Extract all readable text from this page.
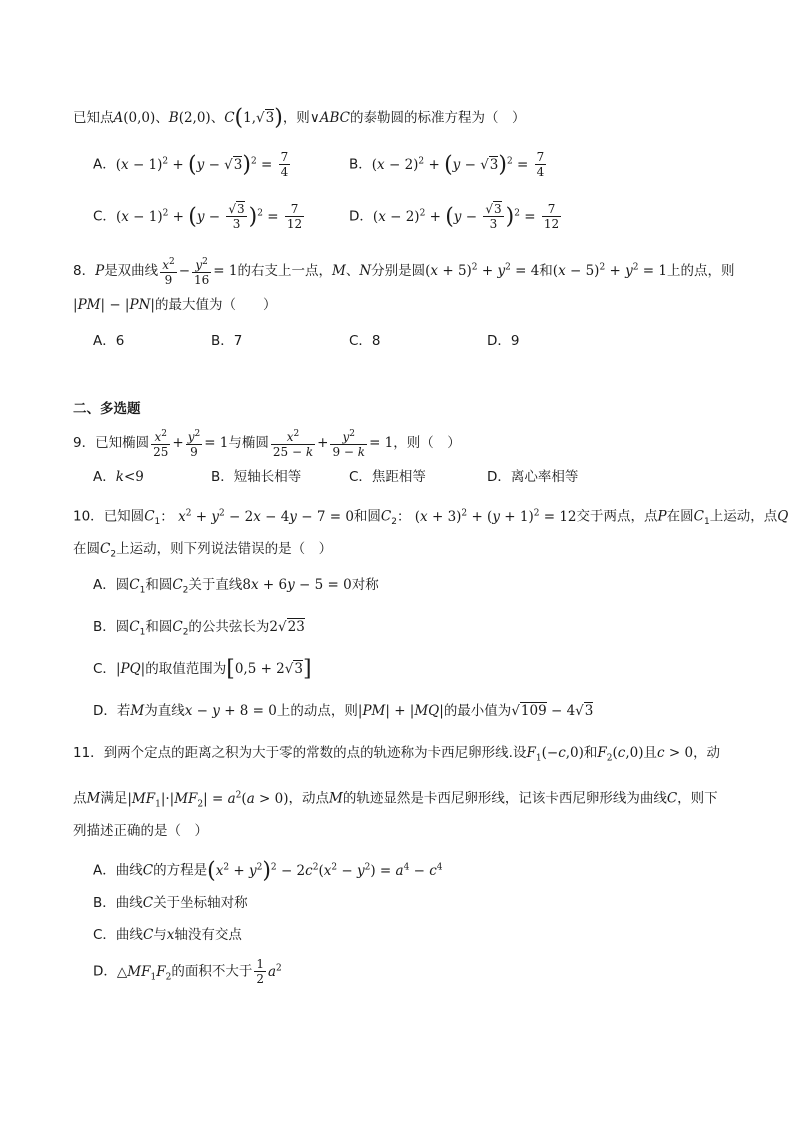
已知点A(0,0)、B(2,0)、C(1,√3)，则∨ABC的泰勒圆的标准方程为（　）
A．$(x - 1)^2 + (y - √3)^2 = \frac{7}{4}$	B．$(x - 2)^2 + (y - √3)^2 = \frac{7}{4}$
C．$(x - 1)^2 + (y - \frac{√3}{3} )^2 = \frac{7}{12}$	D．$(x - 2)^2 + (y - \frac{√3}{3} )^2 = \frac{7}{12}$
8．P是双曲线 $\frac{x^2}{9} - \frac{y^2}{16} = 1$的右支上一点，M、N分别是圆$(x + 5)^2 + y^2 = 4$和$(x - 5)^2 + y^2 = 1$上的点，则
|PM| − |PN|的最大值为（　　）
A．6	B．7	C．8	D．9
二、多选题
9．已知椭圆 $\frac{x^2}{25} + \frac{y^2}{9} = 1$与椭圆 $\frac{x^2}{25 - k} + \frac{y^2}{9 - k} = 1$，则（　）
A．k<9	B．短轴长相等	C．焦距相等	D．离心率相等
10．已知圆$C_1$： $x^2 + y^2 - 2x - 4y - 7 = 0$和圆$C_2$： $(x + 3)^2 + (y + 1)^2 = 12$交于两点，点P在圆$C_1$上运动，点Q
在圆$C_2$上运动，则下列说法错误的是（　）
A．圆$C_1$和圆$C_2$关于直线8x + 6y − 5 = 0对称
B．圆$C_1$和圆$C_2$的公共弦长为2√23
C．|PQ|的取值范围为[0,5 + 2√3]
D．若M为直线x − y + 8 = 0上的动点，则|PM| + |MQ|的最小值为√109 − 4√3
11．到两个定点的距离之积为大于零的常数的点的轨迹称为卡西尼卵形线.设$F_1(-c,0)$和$F_2(c,0)$且c > 0，动
点M满足$|MF_1|\cdot|MF_2| = a^2(a > 0)$，动点M的轨迹显然是卡西尼卵形线，记该卡西尼卵形线为曲线C，则下
列描述正确的是（　）
A．曲线C的方程是$(x^2 + y^2)^2 - 2c^2(x^2 - y^2) = a^4 - c^4$
B．曲线C关于坐标轴对称
C．曲线C与x轴没有交点
D．$\triangle MF_1F_2$的面积不大于 $\frac{1}{2} a^2$
